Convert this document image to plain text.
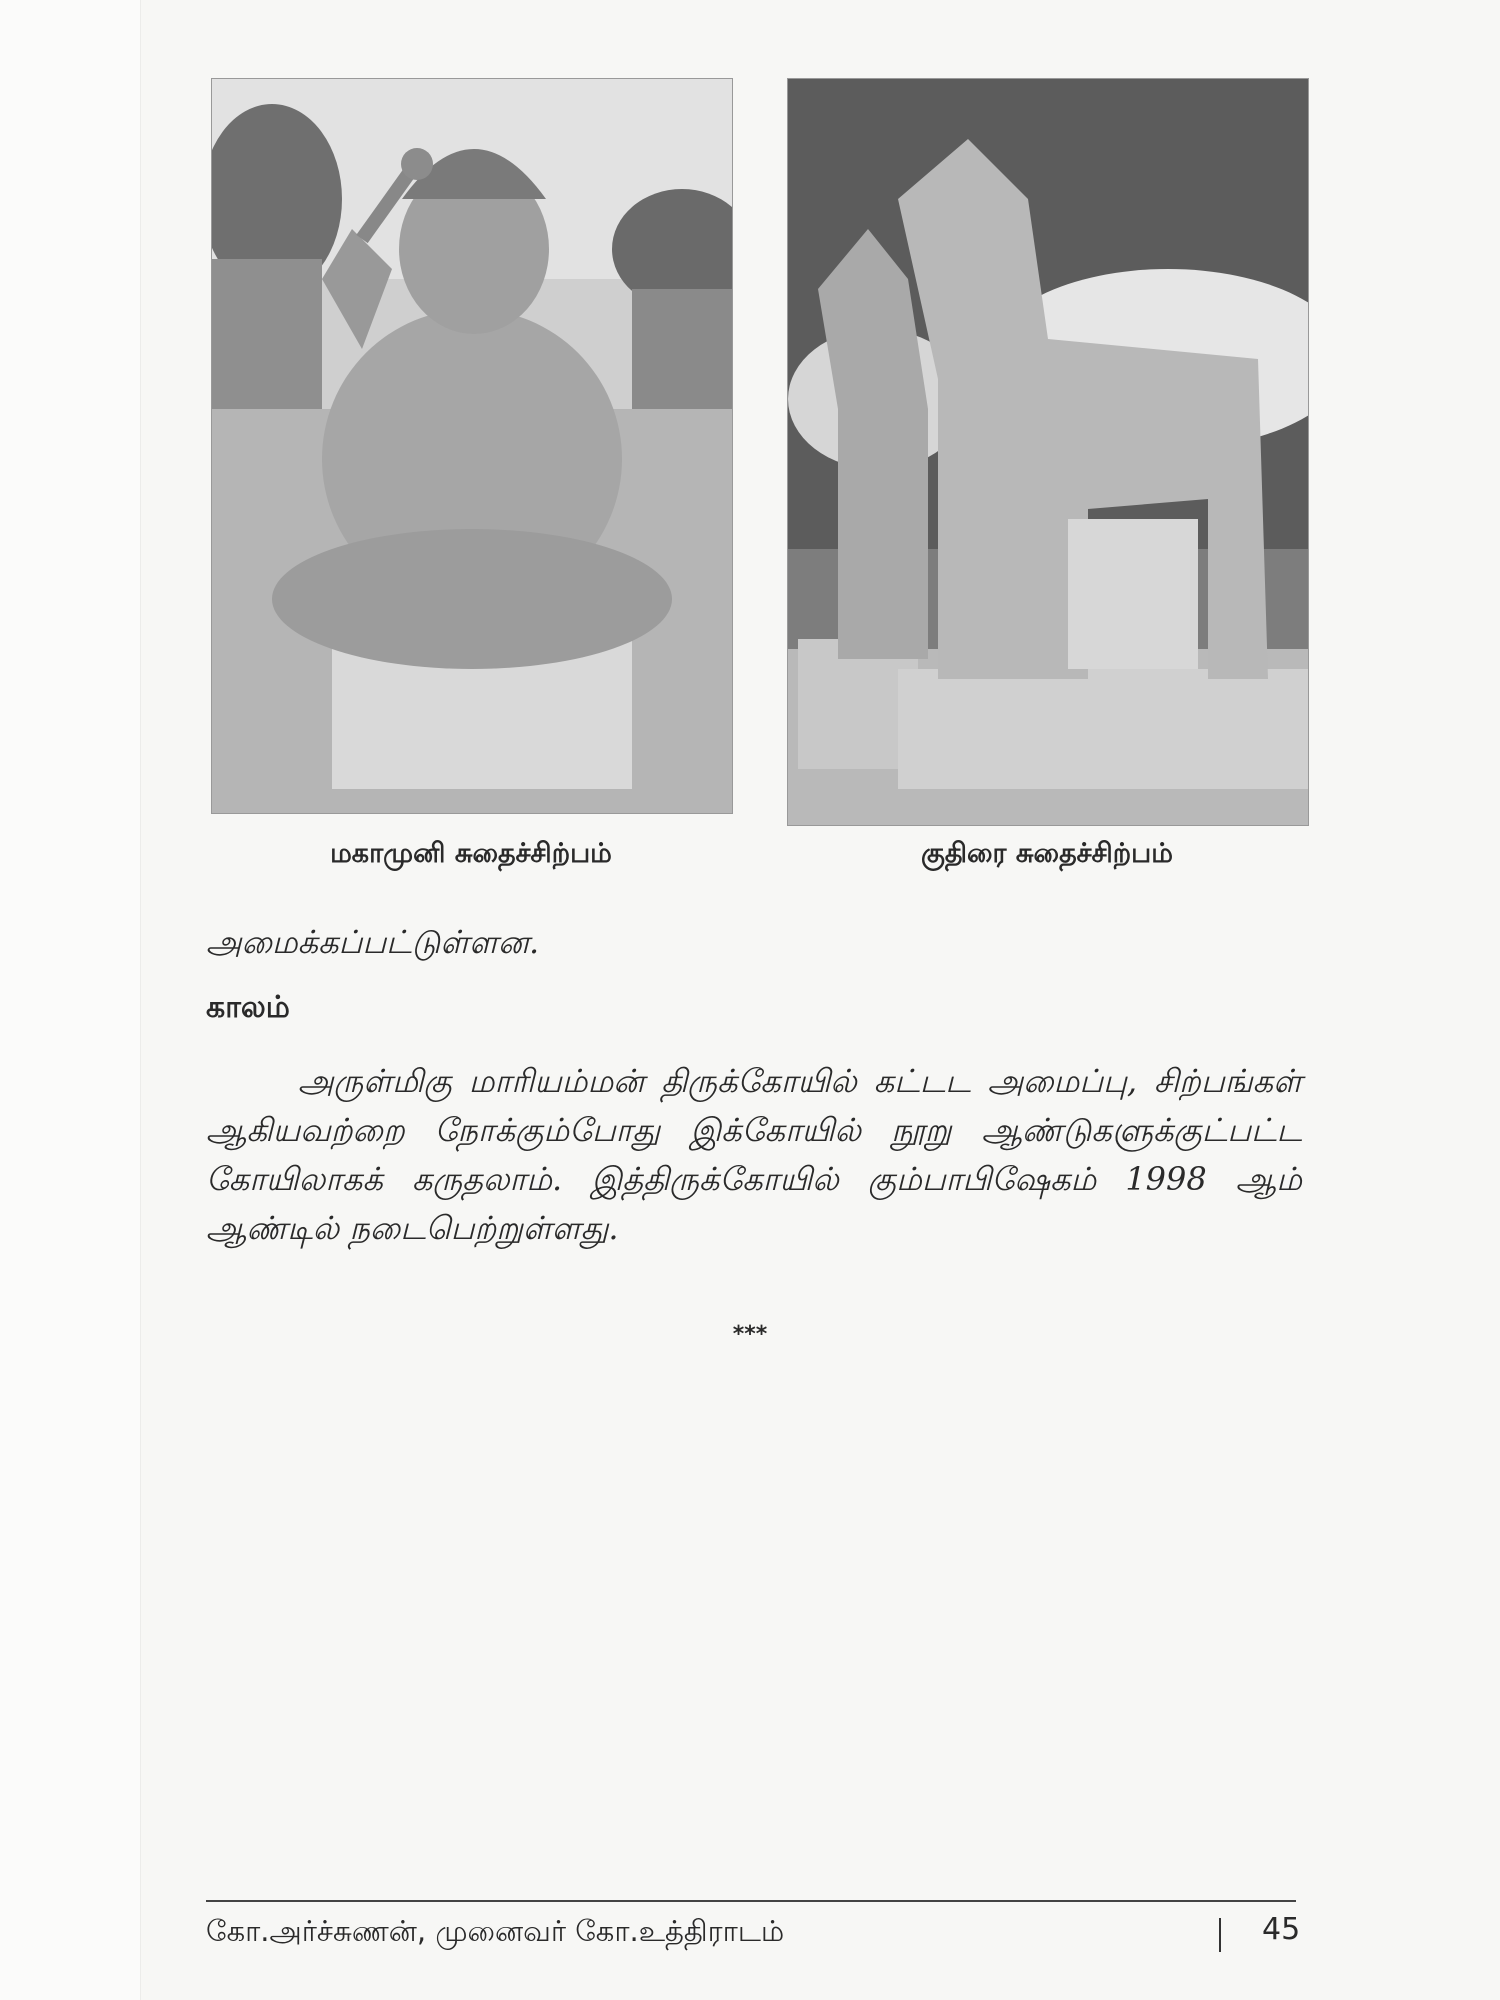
மகாமுனி சுதைச்சிற்பம்	குதிரை சுதைச்சிற்பம்
அமைக்கப்பட்டுள்ளன.
காலம்
அருள்மிகு மாரியம்மன் திருக்கோயில் கட்டட அமைப்பு, சிற்பங்கள் ஆகியவற்றை நோக்கும்போது இக்கோயில் நூறு ஆண்டுகளுக்குட்பட்ட கோயிலாகக் கருதலாம். இத்திருக்கோயில் கும்பாபிஷேகம் 1998 ஆம் ஆண்டில் நடைபெற்றுள்ளது.
***
கோ.அர்ச்சுணன், முனைவர் கோ.உத்திராடம்	45
